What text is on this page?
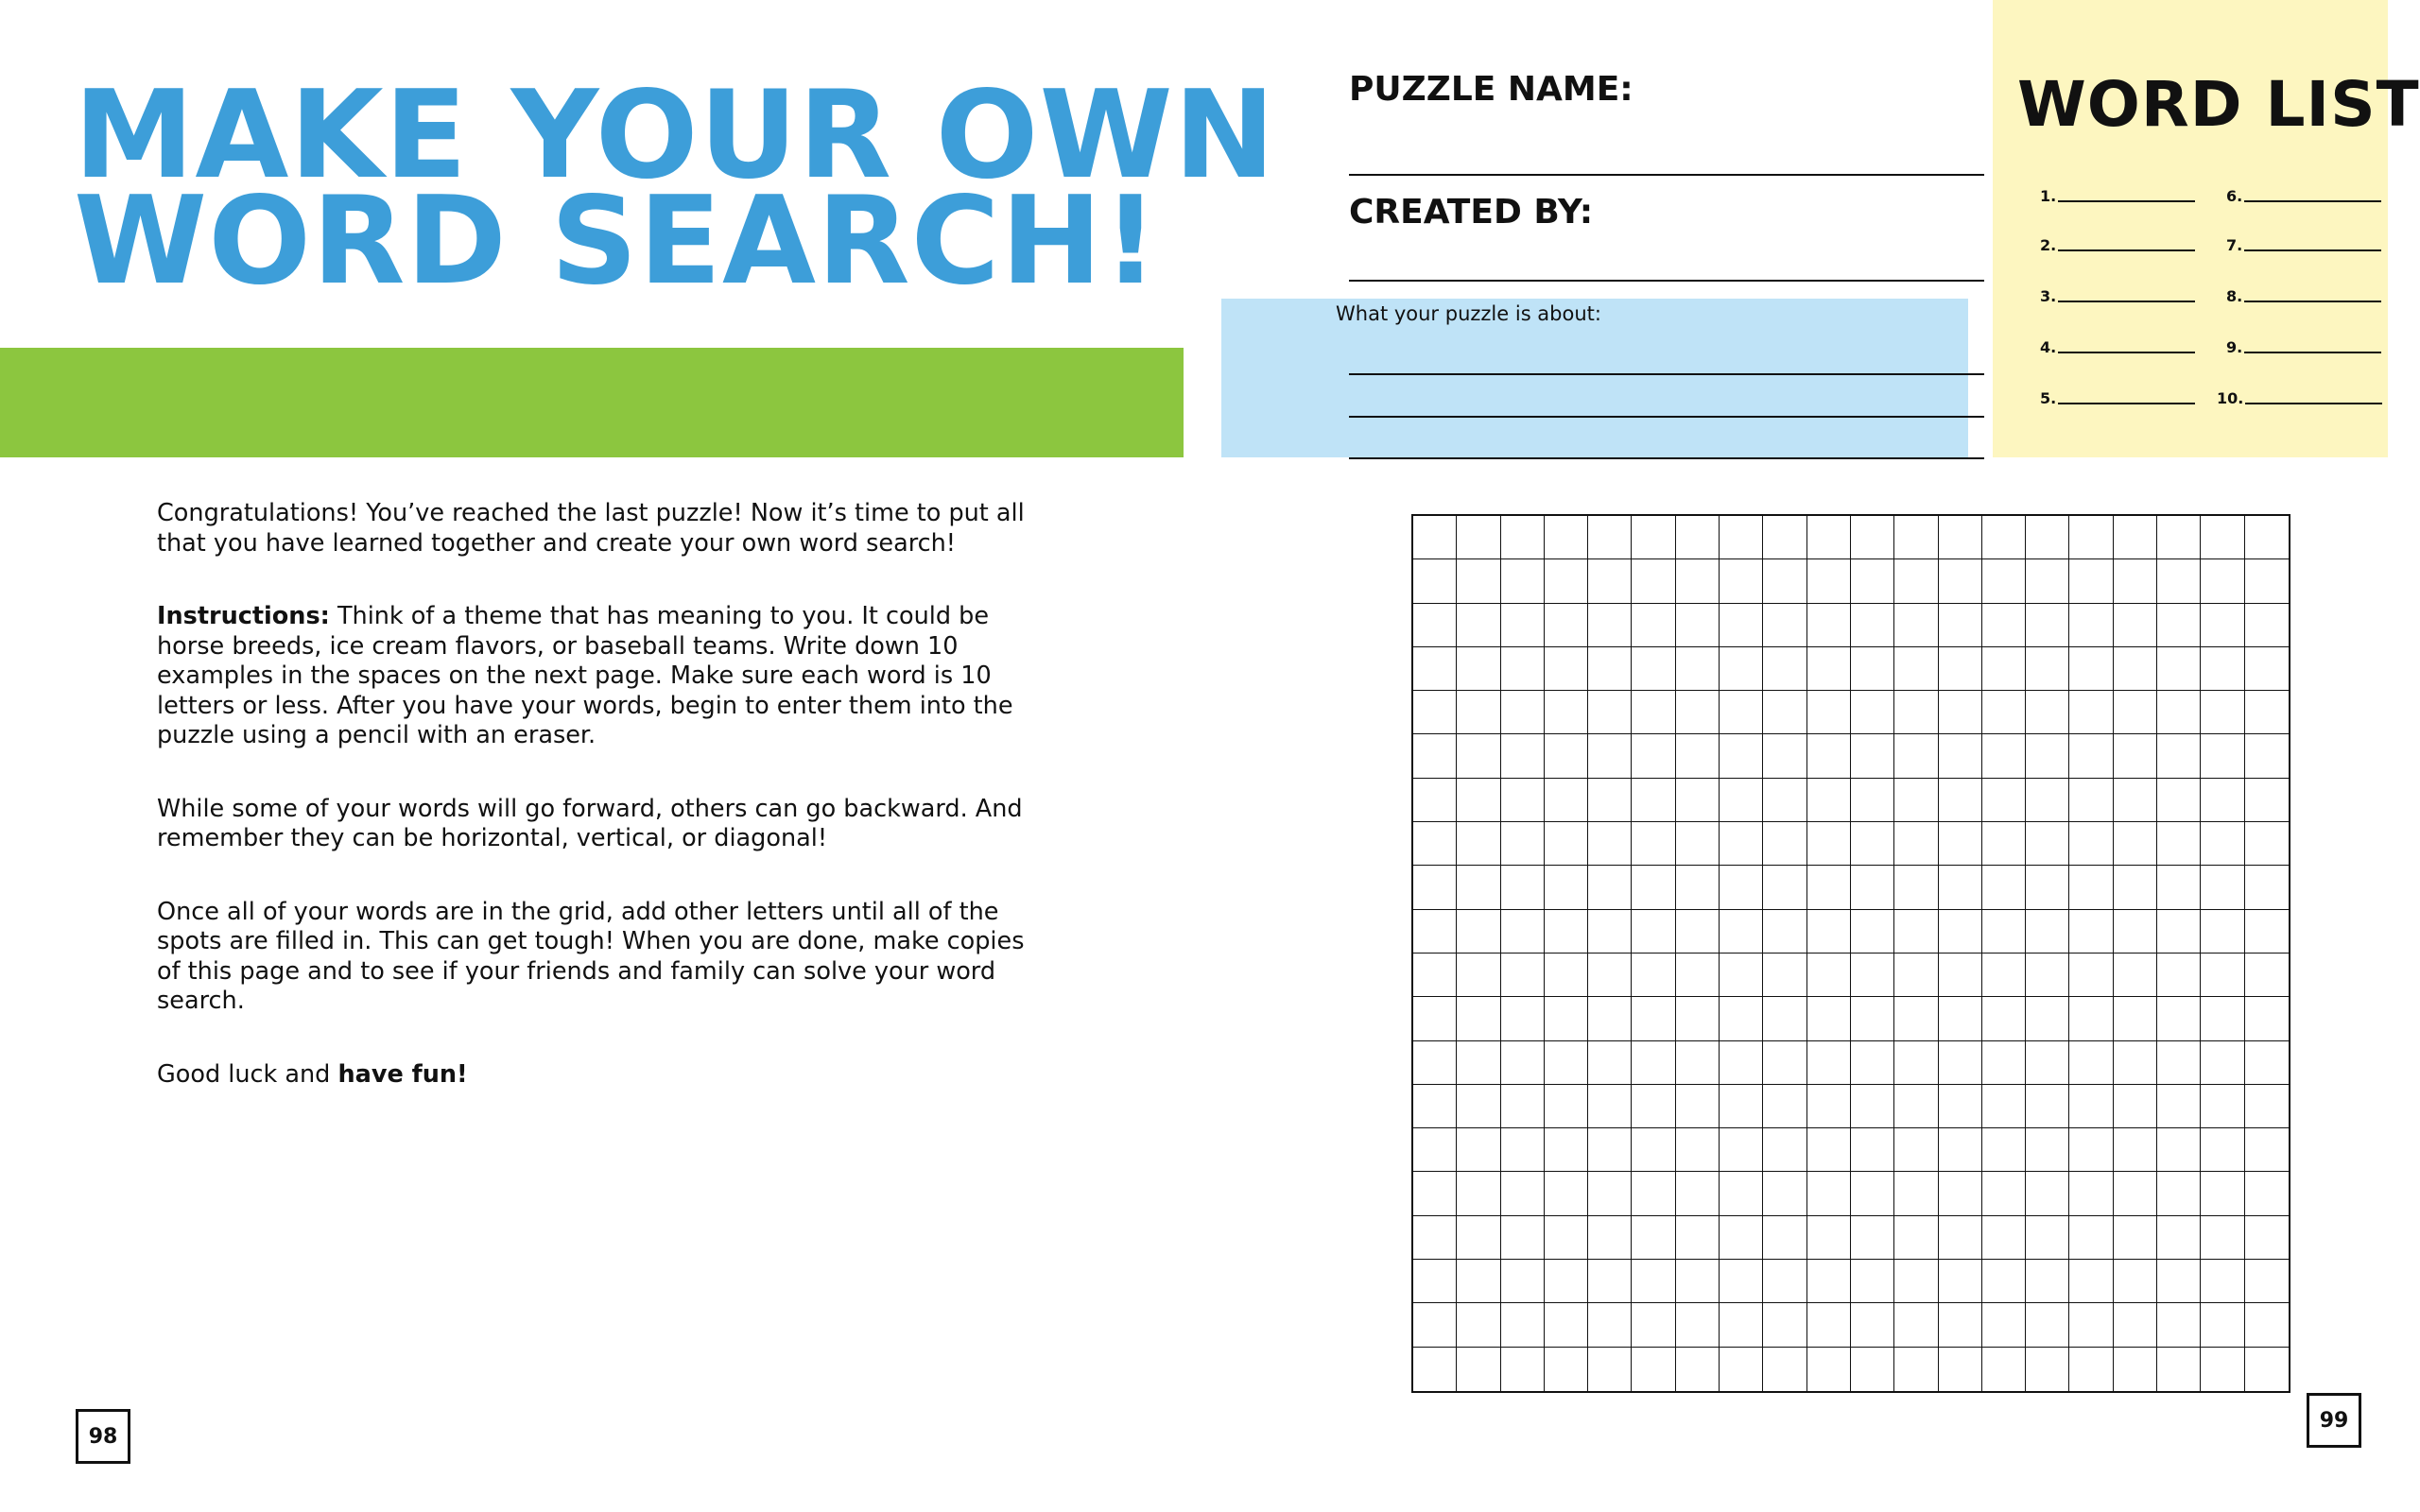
MAKE YOUR OWN
WORD SEARCH!

Congratulations! You’ve reached the last puzzle! Now it’s time to put all that you have learned together and create your own word search!

Instructions: Think of a theme that has meaning to you. It could be horse breeds, ice cream flavors, or baseball teams. Write down 10 examples in the spaces on the next page. Make sure each word is 10 letters or less. After you have your words, begin to enter them into the puzzle using a pencil with an eraser.

While some of your words will go forward, others can go backward. And remember they can be horizontal, vertical, or diagonal!

Once all of your words are in the grid, add other letters until all of the spots are filled in. This can get tough! When you are done, make copies of this page and to see if your friends and family can solve your word search.

Good luck and have fun!

98
PUZZLE NAME:
CREATED BY:
What your puzzle is about:
WORD LIST
1.
2.
3.
4.
5.
6.
7.
8.
9.
10.
99
